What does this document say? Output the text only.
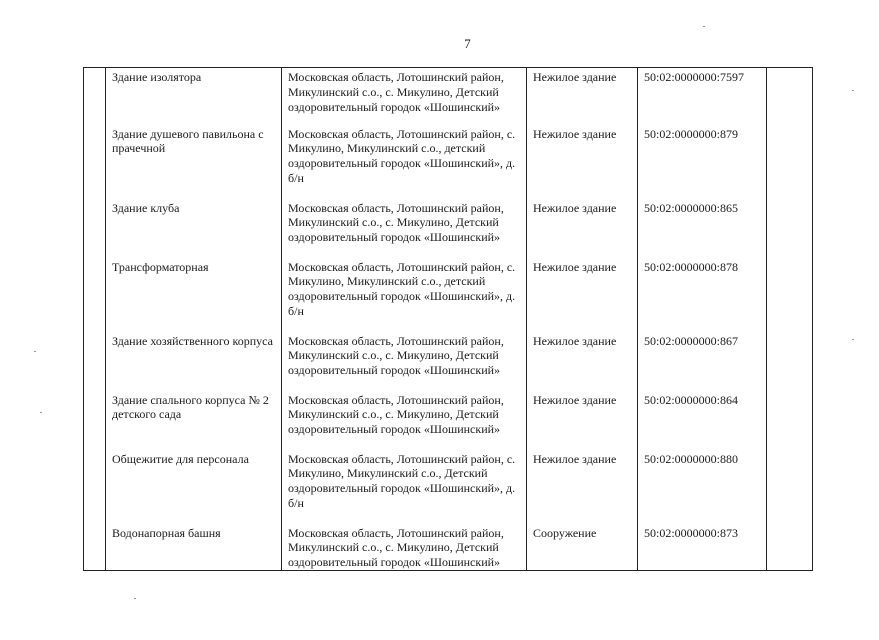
7
	Здание изолятора	Московская область, Лотошинский район, Микулинский с.о., с. Микулино, Детский оздоровительный городок «Шошинский»	Нежилое здание	50:02:0000000:7597	
	Здание душевого павильона с прачечной	Московская область, Лотошинский район, с. Микулино, Микулинский с.о., детский оздоровительный городок «Шошинский», д. б/н	Нежилое здание	50:02:0000000:879	
	Здание клуба	Московская область, Лотошинский район, Микулинский с.о., с. Микулино, Детский оздоровительный городок «Шошинский»	Нежилое здание	50:02:0000000:865	
	Трансформаторная	Московская область, Лотошинский район, с. Микулино, Микулинский с.о., детский оздоровительный городок «Шошинский», д. б/н	Нежилое здание	50:02:0000000:878	
	Здание хозяйственного корпуса	Московская область, Лотошинский район, Микулинский с.о., с. Микулино, Детский оздоровительный городок «Шошинский»	Нежилое здание	50:02:0000000:867	
	Здание спального корпуса № 2 детского сада	Московская область, Лотошинский район, Микулинский с.о., с. Микулино, Детский оздоровительный городок «Шошинский»	Нежилое здание	50:02:0000000:864	
	Общежитие для персонала	Московская область, Лотошинский район, с. Микулино, Микулинский с.о., Детский оздоровительный городок «Шошинский», д. б/н	Нежилое здание	50:02:0000000:880	
	Водонапорная башня	Московская область, Лотошинский район, Микулинский с.о., с. Микулино, Детский оздоровительный городок «Шошинский»	Сооружение	50:02:0000000:873	
